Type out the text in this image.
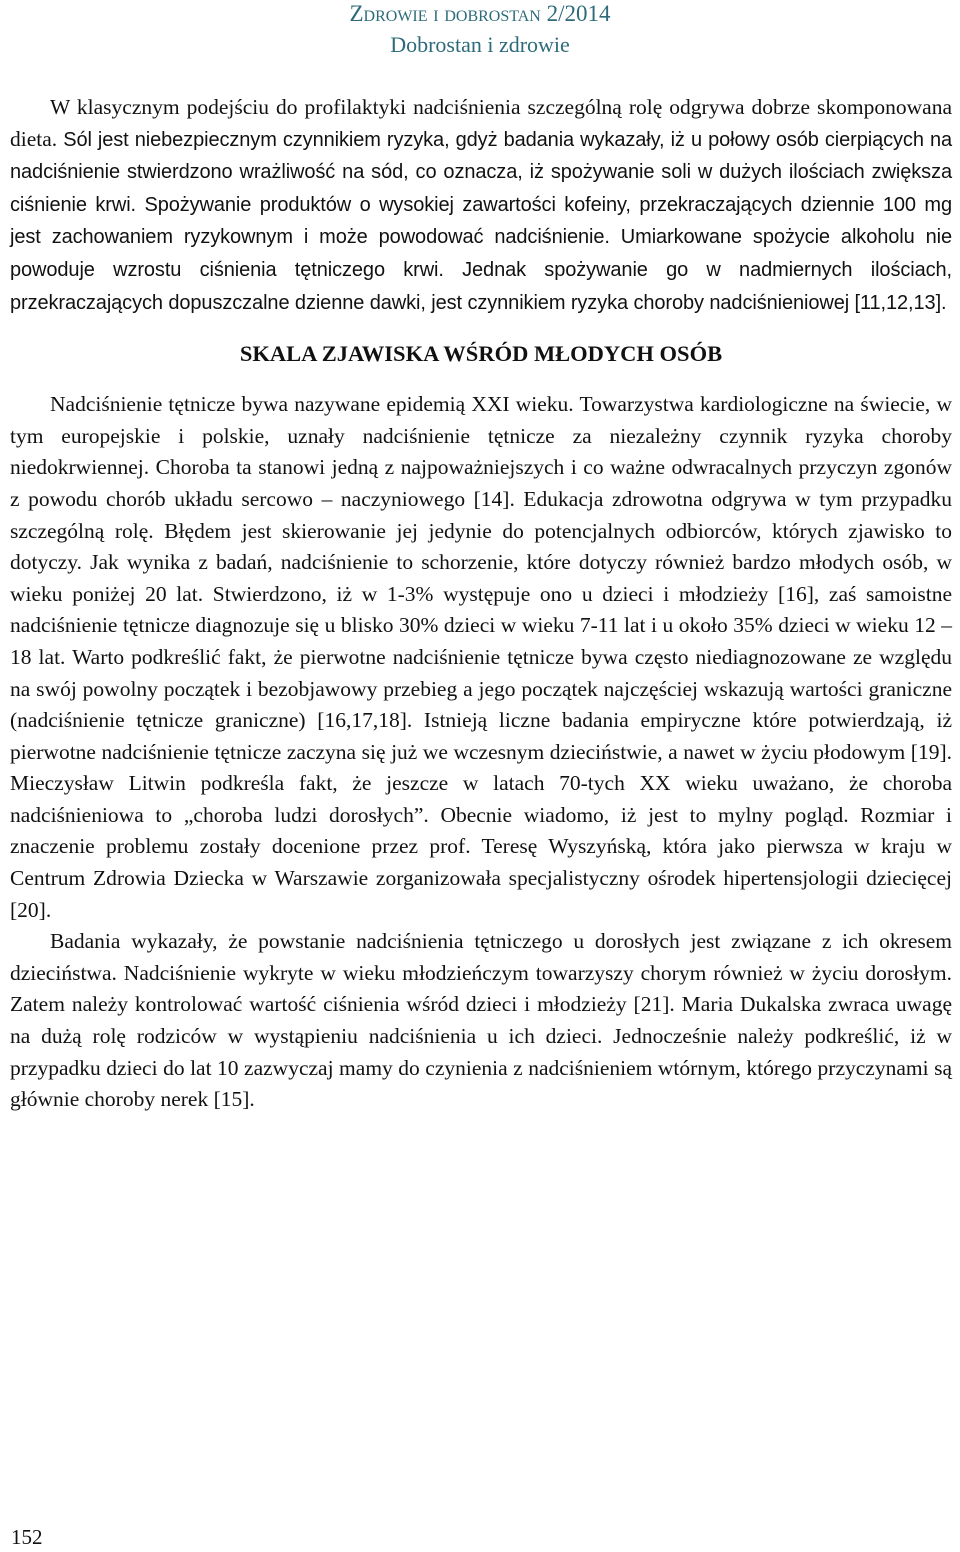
Zdrowie i dobrostan 2/2014
Dobrostan i zdrowie

W klasycznym podejściu do profilaktyki nadciśnienia szczególną rolę odgrywa dobrze skomponowana dieta. Sól jest niebezpiecznym czynnikiem ryzyka, gdyż badania wykazały, iż u połowy osób cierpiących na nadciśnienie stwierdzono wrażliwość na sód, co oznacza, iż spożywanie soli w dużych ilościach zwiększa ciśnienie krwi. Spożywanie produktów o wysokiej zawartości kofeiny, przekraczających dziennie 100 mg jest zachowaniem ryzykownym i może powodować nadciśnienie. Umiarkowane spożycie alkoholu nie powoduje wzrostu ciśnienia tętniczego krwi. Jednak spożywanie go w nadmiernych ilościach, przekraczających dopuszczalne dzienne dawki, jest czynnikiem ryzyka choroby nadciśnieniowej [11,12,13].

SKALA ZJAWISKA WŚRÓD MŁODYCH OSÓB

Nadciśnienie tętnicze bywa nazywane epidemią XXI wieku. Towarzystwa kardiologiczne na świecie, w tym europejskie i polskie, uznały nadciśnienie tętnicze za niezależny czynnik ryzyka choroby niedokrwiennej. Choroba ta stanowi jedną z najpoważniejszych i co ważne odwracalnych przyczyn zgonów z powodu chorób układu sercowo – naczyniowego [14]. Edukacja zdrowotna odgrywa w tym przypadku szczególną rolę. Błędem jest skierowanie jej jedynie do potencjalnych odbiorców, których zjawisko to dotyczy. Jak wynika z badań, nadciśnienie to schorzenie, które dotyczy również bardzo młodych osób, w wieku poniżej 20 lat. Stwierdzono, iż w 1-3% występuje ono u dzieci i młodzieży [16], zaś samoistne nadciśnienie tętnicze diagnozuje się u blisko 30% dzieci w wieku 7-11 lat i u około 35% dzieci w wieku 12 – 18 lat. Warto podkreślić fakt, że pierwotne nadciśnienie tętnicze bywa często niediagnozowane ze względu na swój powolny początek i bezobjawowy przebieg a jego początek najczęściej wskazują wartości graniczne (nadciśnienie tętnicze graniczne) [16,17,18]. Istnieją liczne badania empiryczne które potwierdzają, iż pierwotne nadciśnienie tętnicze zaczyna się już we wczesnym dzieciństwie, a nawet w życiu płodowym [19]. Mieczysław Litwin podkreśla fakt, że jeszcze w latach 70-tych XX wieku uważano, że choroba nadciśnieniowa to „choroba ludzi dorosłych”. Obecnie wiadomo, iż jest to mylny pogląd. Rozmiar i znaczenie problemu zostały docenione przez prof. Teresę Wyszyńską, która jako pierwsza w kraju w Centrum Zdrowia Dziecka w Warszawie zorganizowała specjalistyczny ośrodek hipertensjologii dziecięcej [20].

Badania wykazały, że powstanie nadciśnienia tętniczego u dorosłych jest związane z ich okresem dzieciństwa. Nadciśnienie wykryte w wieku młodzieńczym towarzyszy chorym również w życiu dorosłym. Zatem należy kontrolować wartość ciśnienia wśród dzieci i młodzieży [21]. Maria Dukalska zwraca uwagę na dużą rolę rodziców w wystąpieniu nadciśnienia u ich dzieci. Jednocześnie należy podkreślić, iż w przypadku dzieci do lat 10 zazwyczaj mamy do czynienia z nadciśnieniem wtórnym, którego przyczynami są głównie choroby nerek [15].

152
